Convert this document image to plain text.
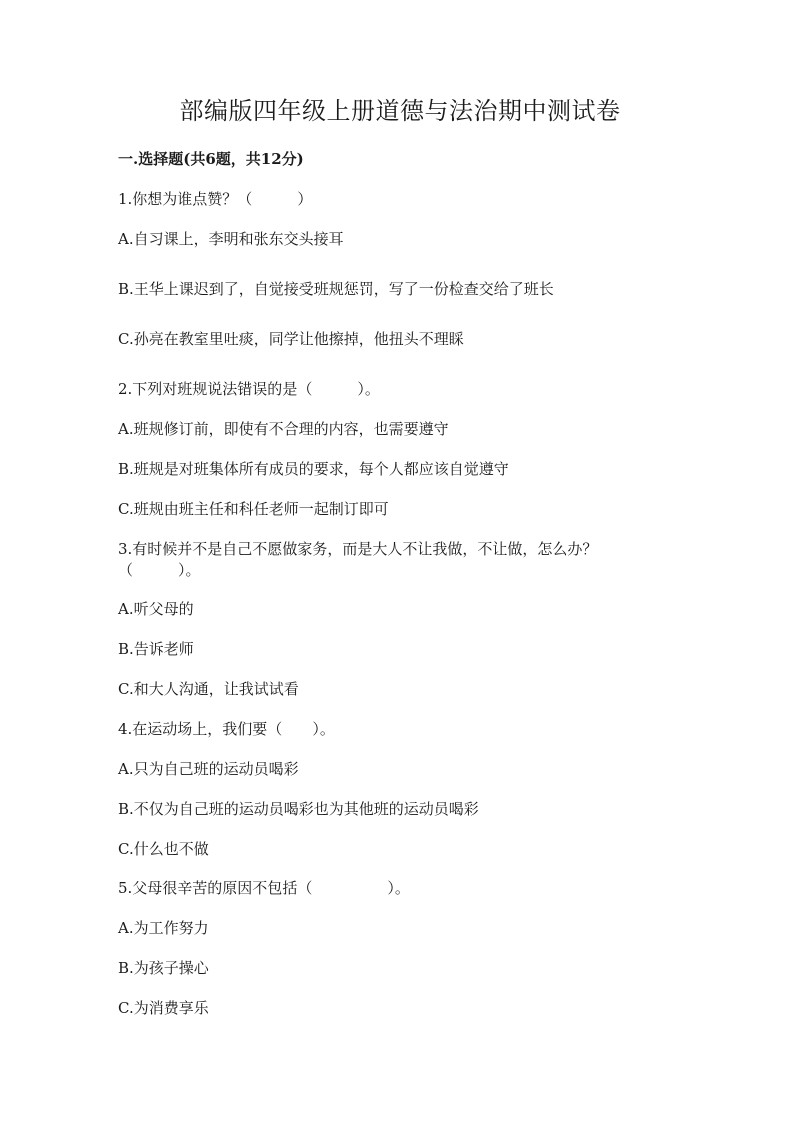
部编版四年级上册道德与法治期中测试卷
一.选择题(共6题，共12分)
1.你想为谁点赞？（　　　）
A.自习课上，李明和张东交头接耳
B.王华上课迟到了，自觉接受班规惩罚，写了一份检查交给了班长
C.孙亮在教室里吐痰，同学让他擦掉，他扭头不理睬
2.下列对班规说法错误的是（　　　）。
A.班规修订前，即使有不合理的内容，也需要遵守
B.班规是对班集体所有成员的要求，每个人都应该自觉遵守
C.班规由班主任和科任老师一起制订即可
3.有时候并不是自己不愿做家务，而是大人不让我做，不让做，怎么办？
（　　　）。
A.听父母的
B.告诉老师
C.和大人沟通，让我试试看
4.在运动场上，我们要（　　）。
A.只为自己班的运动员喝彩
B.不仅为自己班的运动员喝彩也为其他班的运动员喝彩
C.什么也不做
5.父母很辛苦的原因不包括（　　　　　）。
A.为工作努力
B.为孩子操心
C.为消费享乐
